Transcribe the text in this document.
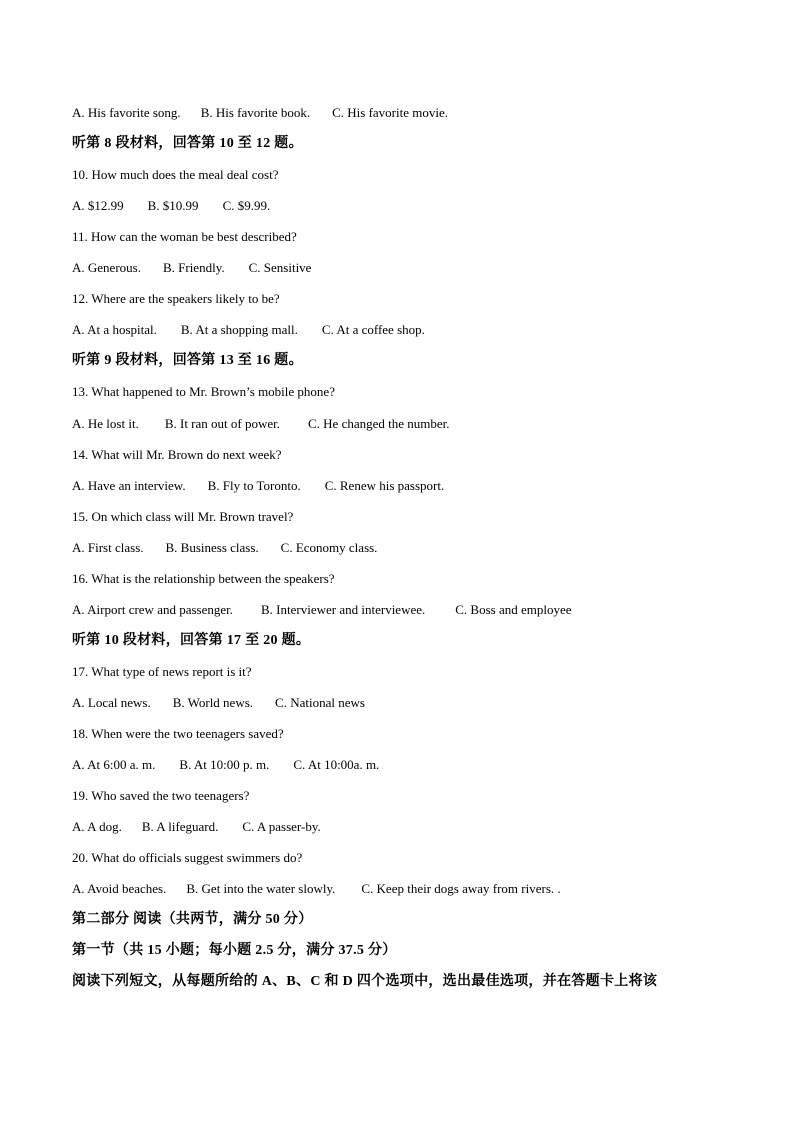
A. His favorite song. B. His favorite book. C. His favorite movie.
听第 8 段材料，回答第 10 至 12 题。
10. How much does the meal deal cost?
A. $12.99 B. $10.99 C. $9.99.
11. How can the woman be best described?
A. Generous. B. Friendly. C. Sensitive
12. Where are the speakers likely to be?
A. At a hospital. B. At a shopping mall. C. At a coffee shop.
听第 9 段材料，回答第 13 至 16 题。
13. What happened to Mr. Brown’s mobile phone?
A. He lost it. B. It ran out of power. C. He changed the number.
14. What will Mr. Brown do next week?
A. Have an interview. B. Fly to Toronto. C. Renew his passport.
15. On which class will Mr. Brown travel?
A. First class. B. Business class. C. Economy class.
16. What is the relationship between the speakers?
A. Airport crew and passenger. B. Interviewer and interviewee. C. Boss and employee
听第 10 段材料，回答第 17 至 20 题。
17. What type of news report is it?
A. Local news. B. World news. C. National news
18. When were the two teenagers saved?
A. At 6:00 a. m. B. At 10:00 p. m. C. At 10:00a. m.
19. Who saved the two teenagers?
A. A dog. B. A lifeguard. C. A passer-by.
20. What do officials suggest swimmers do?
A. Avoid beaches. B. Get into the water slowly. C. Keep their dogs away from rivers. .
第二部分 阅读（共两节，满分 50 分）
第一节（共 15 小题；每小题 2.5 分，满分 37.5 分）
阅读下列短文，从每题所给的 A、B、C 和 D 四个选项中，选出最佳选项，并在答题卡上将该
